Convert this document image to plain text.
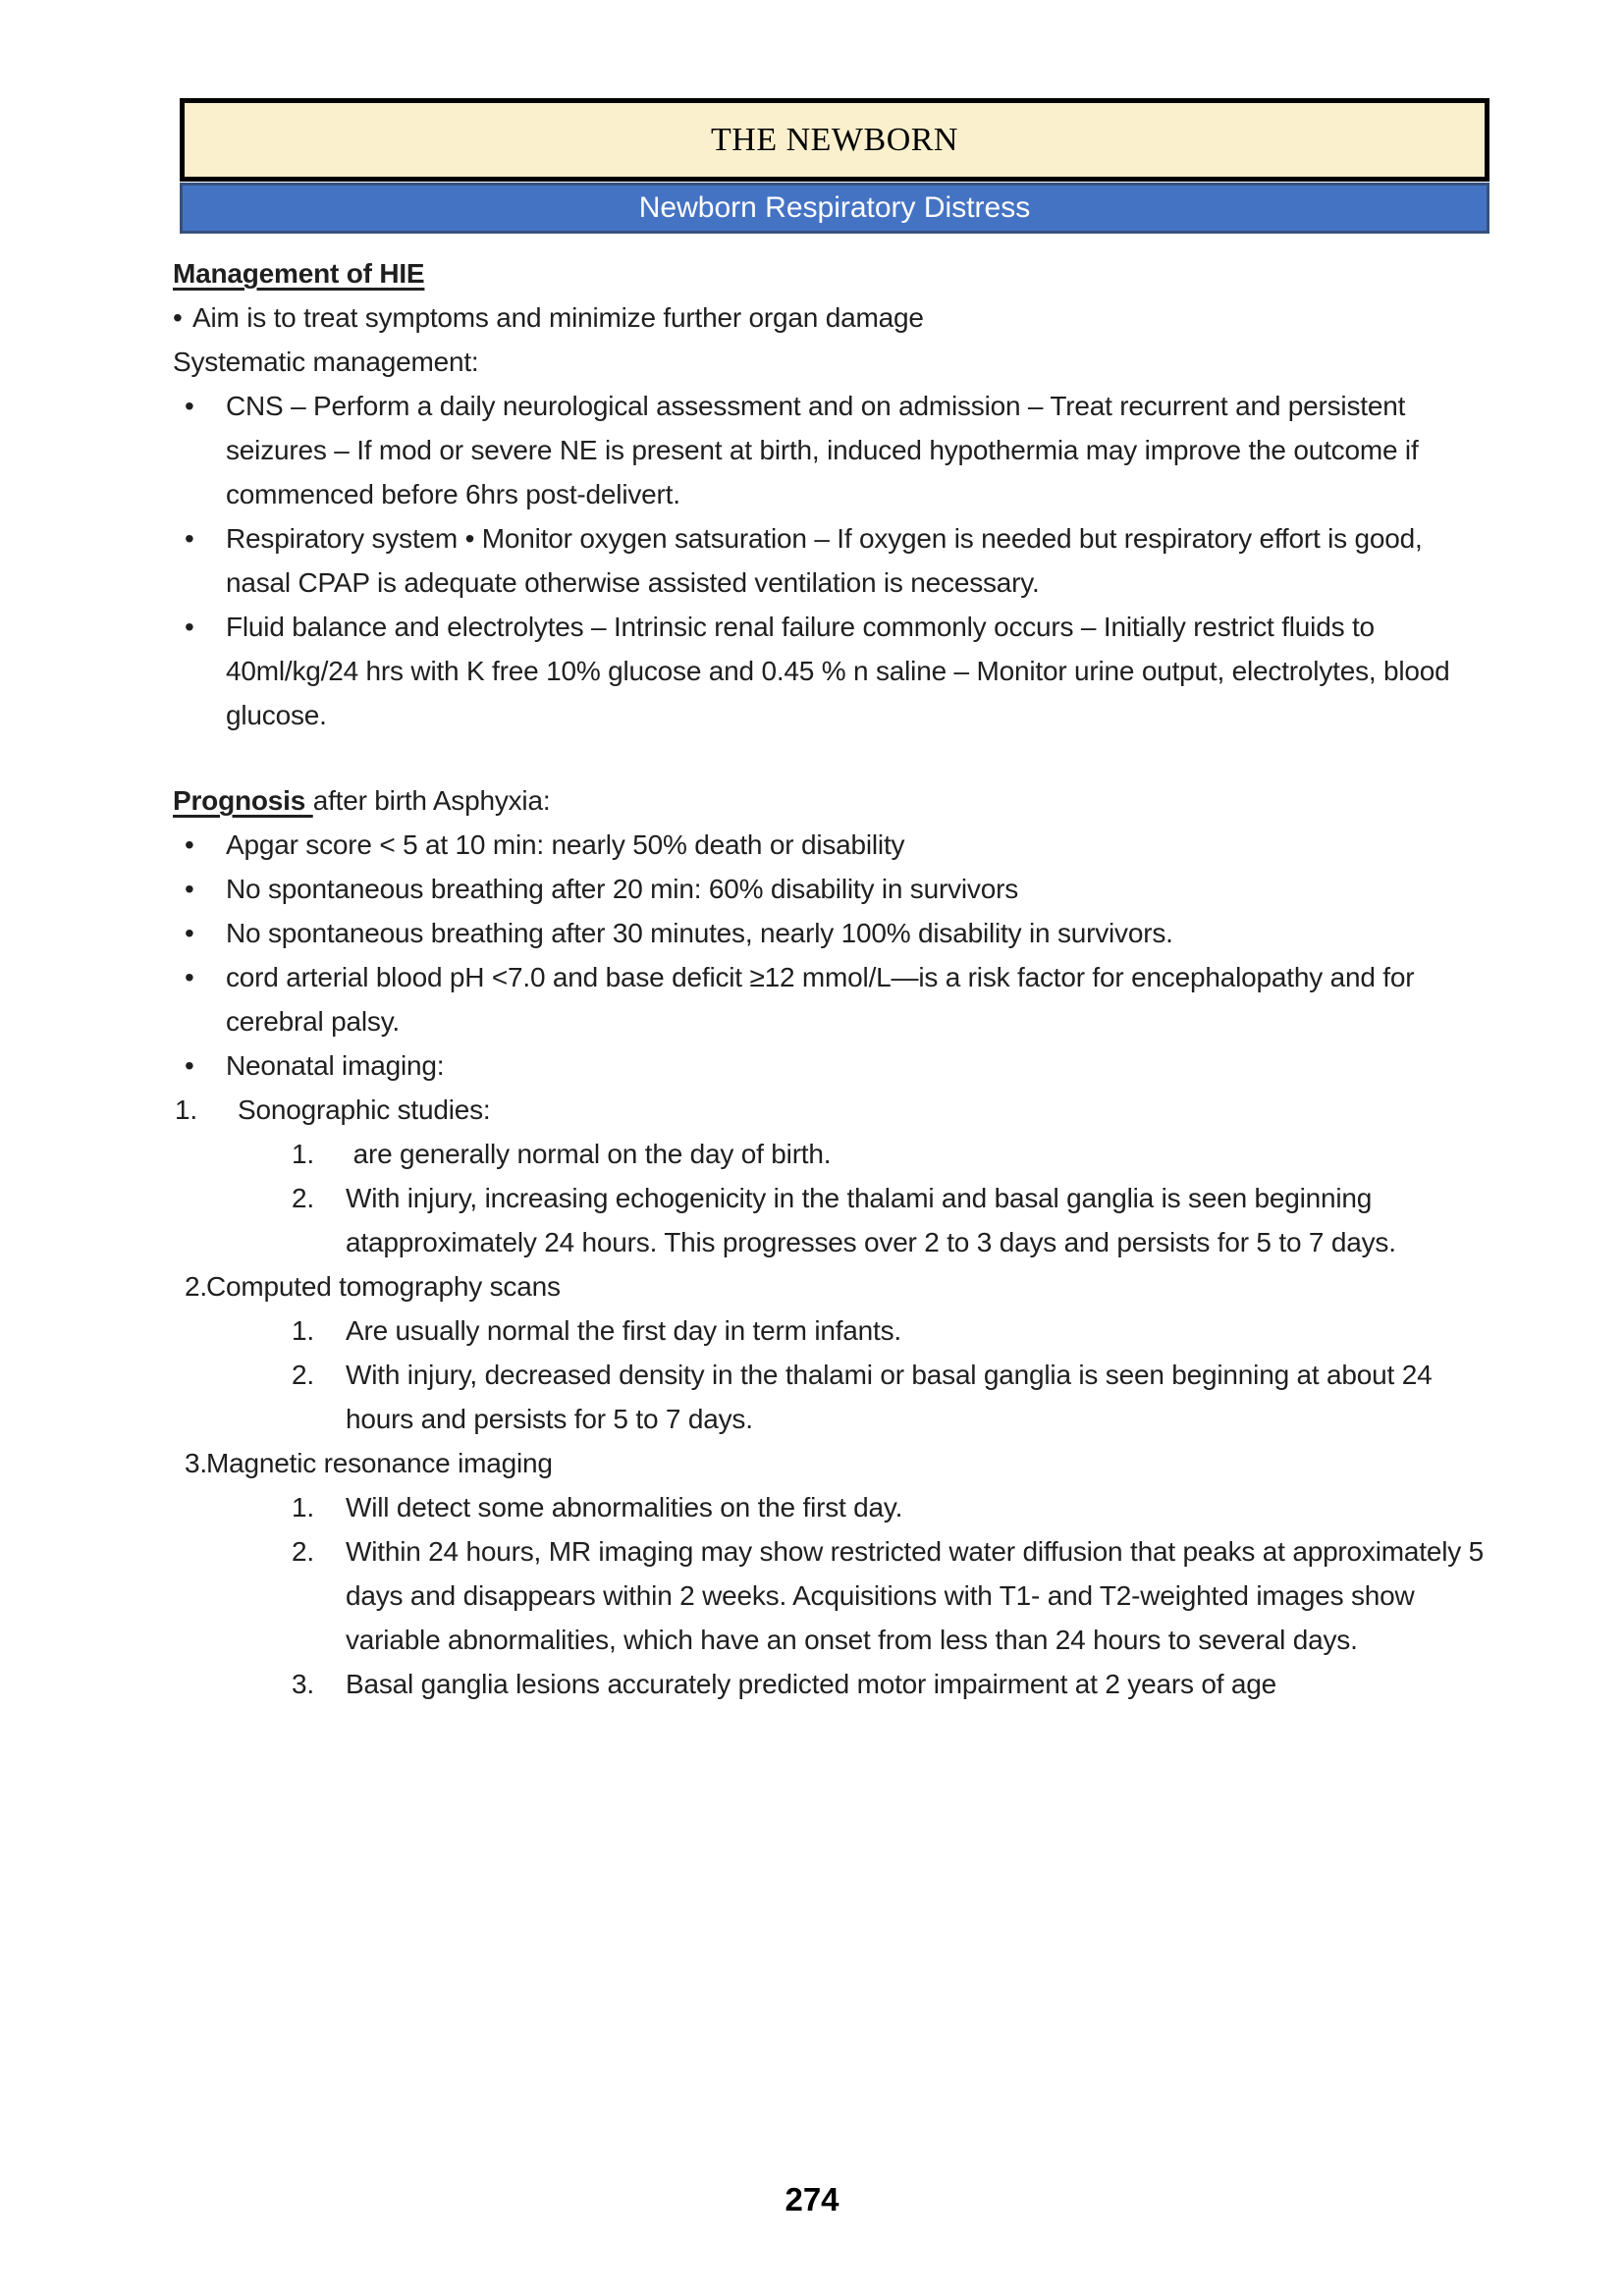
THE NEWBORN
Newborn Respiratory Distress
Management of HIE
• Aim is to treat symptoms and minimize further organ damage
Systematic management:
•	CNS – Perform a daily neurological assessment and on admission – Treat recurrent and persistent seizures – If mod or severe NE is present at birth, induced hypothermia may improve the outcome if commenced before 6hrs post-delivert.
•	Respiratory system • Monitor oxygen satsuration – If oxygen is needed but respiratory effort is good, nasal CPAP is adequate otherwise assisted ventilation is necessary.
•	Fluid balance and electrolytes – Intrinsic renal failure commonly occurs – Initially restrict fluids to 40ml/kg/24 hrs with K free 10% glucose and 0.45 % n saline – Monitor urine output, electrolytes, blood glucose.
Prognosis after birth Asphyxia:
•	Apgar score < 5 at 10 min: nearly 50% death or disability
•	No spontaneous breathing after 20 min: 60% disability in survivors
•	No spontaneous breathing after 30 minutes, nearly 100% disability in survivors.
•	cord arterial blood pH <7.0 and base deficit ≥12 mmol/L—is a risk factor for encephalopathy and for cerebral palsy.
•	Neonatal imaging:
1.	Sonographic studies:
1.	are generally normal on the day of birth.
2.	With injury, increasing echogenicity in the thalami and basal ganglia is seen beginning atapproximately 24 hours. This progresses over 2 to 3 days and persists for 5 to 7 days.
2. Computed tomography scans
1.	Are usually normal the first day in term infants.
2.	With injury, decreased density in the thalami or basal ganglia is seen beginning at about 24 hours and persists for 5 to 7 days.
3. Magnetic resonance imaging
1.	Will detect some abnormalities on the first day.
2.	Within 24 hours, MR imaging may show restricted water diffusion that peaks at approximately 5 days and disappears within 2 weeks. Acquisitions with T1- and T2-weighted images show variable abnormalities, which have an onset from less than 24 hours to several days.
3.	Basal ganglia lesions accurately predicted motor impairment at 2 years of age
274
